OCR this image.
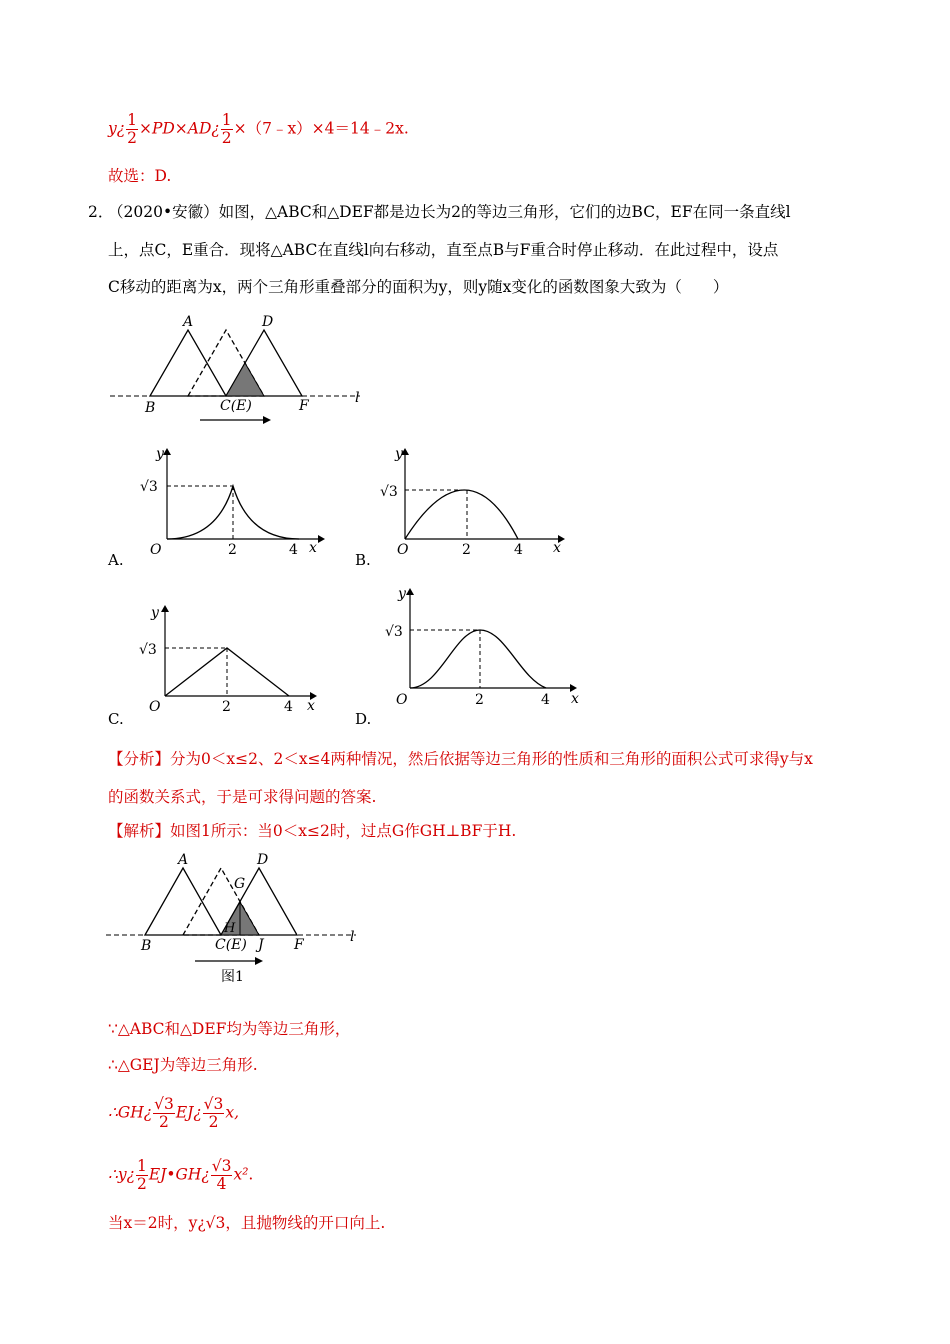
y¿ $\frac{1}{2}$ ×PD×AD¿ $\frac{1}{2}$ ×（7﹣x）×4＝14﹣2x.
故选：D.
2．
（2020•安徽）如图，△ABC和△DEF都是边长为2的等边三角形，它们的边BC，EF在同一条直线l
上，点C，E重合．现将△ABC在直线l向右移动，直至点B与F重合时停止移动．在此过程中，设点
C移动的距离为x，两个三角形重叠部分的面积为y，则y随x变化的函数图象大致为（　　）
A	D
B	C(E)	F	l
A.
y
√3
O	2	4 x
B.
y
√3
O	2	4 x
C.
y
√3
O	2	4 x
D.
y
√3
O	2	4 x
【分析】分为0＜x≤2、2＜x≤4两种情况，然后依据等边三角形的性质和三角形的面积公式可求得y与x
的函数关系式，于是可求得问题的答案.
【解析】如图1所示：当0＜x≤2时，过点G作GH⊥BF于H.
A	D
G
B	C(E)
H
J F	l
图1
∵△ABC和△DEF均为等边三角形，
∴△GEJ为等边三角形.
∴GH¿ $\frac{√3}{2}$ EJ¿ $\frac{√3}{2} x$,
∴y¿ $\frac{1}{2}$ EJ•GH¿ $\frac{√3}{4} x^2$.
当x＝2时，y¿√3，且抛物线的开口向上.
